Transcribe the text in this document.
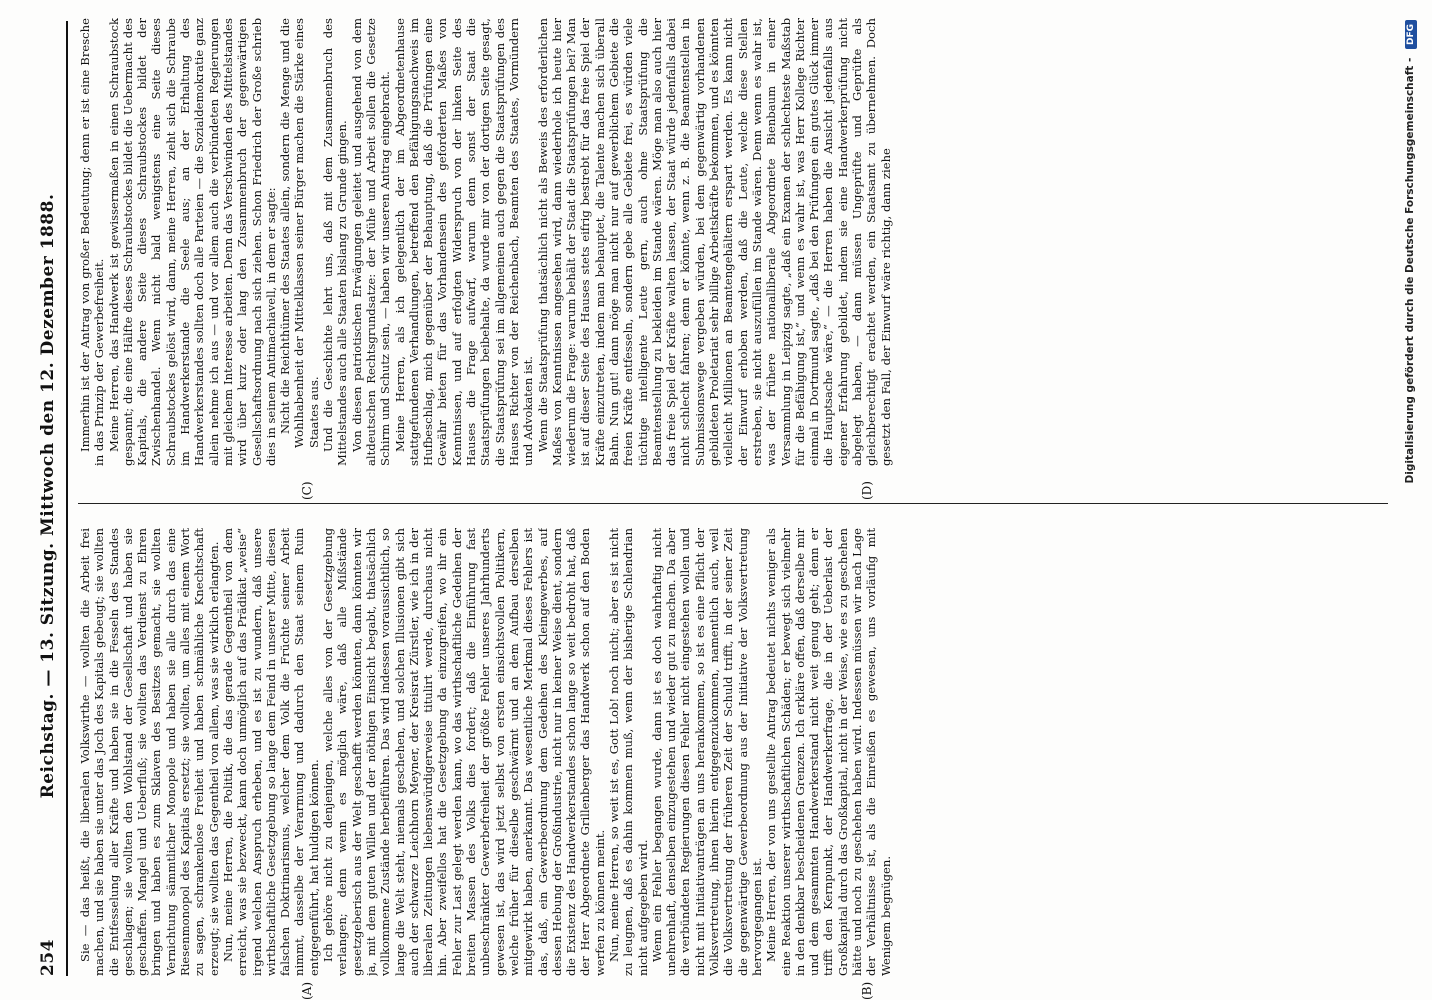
254
Reichstag. — 13. Sitzung. Mittwoch den 12. Dezember 1888.
(A)	(B)
(C)	(D)

Sie — das heißt, die liberalen Volkswirthe — wollten die Arbeit frei machen, und sie haben sie unter das Joch des Kapitals gebeugt; sie wollten die Entfesselung aller Kräfte und haben sie in die Fesseln des Standes geschlagen; sie wollten den Wohlstand der Gesellschaft und haben sie geschaffen. Mangel und Ueberfluß; sie wollten das Verdienst zu Ehren bringen und haben es zum Sklaven des Besitzes gemacht, sie wollten Vernichtung sämmtlicher Monopole und haben sie alle durch das eine Riesenmonopol des Kapitals ersetzt; sie wollten, um alles mit einem Wort zu sagen, schrankenlose Freiheit und haben schmähliche Knechtschaft erzeugt; sie wollten das Gegentheil von allem, was sie wirklich erlangten. Nun, meine Herren, die Politik, die das gerade Gegentheil von dem erreicht, was sie bezweckt, kann doch unmöglich auf das Prädikat „weise“ irgend welchen Anspruch erheben, und es ist zu wundern, daß unsere wirthschaftliche Gesetzgebung so lange dem Feind in unserer Mitte, diesen falschen Doktrinarismus, welcher dem Volk die Früchte seiner Arbeit nimmt, dasselbe der Verarmung und dadurch den Staat seinem Ruin entgegenführt, hat huldigen können. Ich gehöre nicht zu denjenigen, welche alles von der Gesetzgebung verlangen; denn wenn es möglich wäre, daß alle Mißstände gesetzgeberisch aus der Welt geschafft werden könnten, dann könnten wir ja, mit dem guten Willen und der nöthigen Einsicht begabt, thatsächlich vollkommene Zustände herbeiführen. Das wird indessen voraussichtlich, so lange die Welt steht, niemals geschehen, und solchen Illusionen gibt sich auch der schwarze Leichhorn Meyner, der Kreisrat Zürstler, wie ich in der liberalen Zeitungen liebenswürdigerweise titulirt werde, durchaus nicht hin. Aber zweifellos hat die Gesetzgebung da einzugreifen, wo ihr ein Fehler zur Last gelegt werden kann, wo das wirthschaftliche Gedeihen der breiten Massen des Volks dies fordert; daß die Einführung fast unbeschränkter Gewerbefreiheit der größte Fehler unseres Jahrhunderts gewesen ist, das wird jetzt selbst von ersten einsichtsvollen Politikern, welche früher für dieselbe geschwärmt und an dem Aufbau derselben mitgewirkt haben, anerkannt. Das wesentliche Merkmal dieses Fehlers ist das, daß, ein Gewerbeordnung dem Gedeihen des Kleingewerbes, auf dessen Hebung der Großindustrie, nicht nur in keiner Weise dient, sondern die Existenz des Handwerkerstandes schon lange so weit bedroht hat, daß der Herr Abgeordnete Grillenberger das Handwerk schon auf den Boden werfen zu können meint. Nun, meine Herren, so weit ist es, Gott Lob! noch nicht; aber es ist nicht zu leugnen, daß es dahin kommen muß, wenn der bisherige Schlendrian nicht aufgegeben wird. Wenn ein Fehler begangen wurde, dann ist es doch wahrhaftig nicht unehrenhaft, denselben einzugestehen und wieder gut zu machen. Da aber die verbündeten Regierungen diesen Fehler nicht eingestehen wollen und nicht mit Initiativanträgen an uns herankommen, so ist es eine Pflicht der Volksvertretung, ihnen hierin entgegenzukommen, namentlich auch, weil die Volksvertretung der früheren Zeit der Schuld trifft, in der seiner Zeit die gegenwärtige Gewerbeordnung aus der Initiative der Volksvertretung hervorgegangen ist. Meine Herren, der von uns gestellte Antrag bedeutet nichts weniger als eine Reaktion unserer wirthschaftlichen Schäden; er bewegt sich vielmehr in den denkbar bescheidenen Grenzen. Ich erkläre offen, daß derselbe mir und dem gesammten Handwerkerstand nicht weit genug geht; denn er trifft den Kernpunkt, der Handwerkerfrage, die in der Ueberlast der Großkapital durch das Großkapital, nicht in der Weise, wie es zu geschehen hätte und noch zu geschehen haben wird. Indessen müssen wir nach Lage der Verhältnisse ist, als die Einreißen es gewesen, uns vorläufig mit Wenigem begnügen.

Immerhin ist der Antrag von großer Bedeutung; denn er ist eine Bresche in das Prinzip der Gewerbefreiheit. Meine Herren, das Handwerk ist gewissermaßen in einen Schraubstock gespannt; die eine Hälfte dieses Schraubstockes bildet die Uebermacht des Kapitals, die andere Seite dieses Schraubstockes bildet der Zwischenhandel. Wenn nicht bald wenigstens eine Seite dieses Schraubstockes gelöst wird, dann, meine Herren, zieht sich die Schraube im Handwerkerstande die Seele aus; an der Erhaltung des Handwerkerstandes sollten doch alle Parteien — die Sozialdemokratie ganz allein nehme ich aus — und vor allem auch die verbündeten Regierungen mit gleichem Interesse arbeiten. Denn das Verschwinden des Mittelstandes wird über kurz oder lang den Zusammenbruch der gegenwärtigen Gesellschaftsordnung nach sich ziehen. Schon Friedrich der Große schrieb dies in seinem Antimachiavell, in dem er sagte: Nicht die Reichthümer des Staates allein, sondern die Menge und die Wohlhabenheit der Mittelklassen seiner Bürger machen die Stärke eines Staates aus. Und die Geschichte lehrt uns, daß mit dem Zusammenbruch des Mittelstandes auch alle Staaten bislang zu Grunde gingen. Von diesen patriotischen Erwägungen geleitet und ausgehend von dem altdeutschen Rechtsgrundsatze: der Mühe und Arbeit sollen die Gesetze Schirm und Schutz sein, — haben wir unseren Antrag eingebracht. Meine Herren, als ich gelegentlich der im Abgeordnetenhause stattgefundenen Verhandlungen, betreffend den Befähigungsnachweis im Hufbeschlag, mich gegenüber der Behauptung, daß die Prüfungen eine Gewähr bieten für das Vorhandensein des geforderten Maßes von Kenntnissen, und auf erfolgten Widerspruch von der linken Seite des Hauses die Frage aufwarf, warum denn sonst der Staat die Staatsprüfungen beibehalte, da wurde mir von der dortigen Seite gesagt, die Staatsprüfung sei im allgemeinen auch gegen die Staatsprüfungen des Hauses Richter von der Reichenbach, Beamten des Staates, Vormündern und Advokaten ist. Wenn die Staatsprüfung thatsächlich nicht als Beweis des erforderlichen Maßes von Kenntnissen angesehen wird, dann wiederhole ich heute hier wiederum die Frage: warum behält der Staat die Staatsprüfungen bei? Man ist auf dieser Seite des Hauses stets eifrig bestrebt für das freie Spiel der Kräfte einzutreten, indem man behauptet, die Talente machen sich überall Bahn. Nun gut! dann möge man nicht nur auf gewerblichem Gebiete die freien Kräfte entfesseln, sondern gebe alle Gebiete frei, es würden viele tüchtige intelligente Leute gern, auch ohne Staatsprüfung die Beamtenstellung zu bekleiden im Stande wären. Möge man also auch hier das freie Spiel der Kräfte walten lassen, der Staat würde jedenfalls dabei nicht schlecht fahren; denn er könnte, wenn z. B. die Beamtenstellen in Submissionswege vergeben würden, bei dem gegenwärtig vorhandenen gebildeten Proletariat sehr billige Arbeitskräfte bekommen, und es könnten vielleicht Millionen an Beamtengehältern erspart werden. Es kann nicht der Einwurf erhoben werden, daß die Leute, welche diese Stellen erstreben, sie nicht auszufüllen im Stande wären. Denn wenn es wahr ist, was der frühere nationalliberale Abgeordnete Bienbaum in einer Versammlung in Leipzig sagte, „daß ein Examen der schlechteste Maßstab für die Befähigung ist,“ und wenn es wahr ist, was Herr Kollege Richter einmal in Dortmund sagte, „daß bei den Prüfungen ein gutes Glück immer die Hauptsache wäre,“ — die Herren haben die Ansicht jedenfalls aus eigener Erfahrung gebildet, indem sie eine Handwerkerprüfung nicht abgelegt haben, — dann müssen Ungeprüfte und Geprüfte als gleichberechtigt erachtet werden, ein Staatsamt zu übernehmen. Doch gesetzt den Fall, der Einwurf wäre richtig, dann ziehe	Digitalisierung gefördert durch die Deutsche Forschungsgemeinschaft - DFG
